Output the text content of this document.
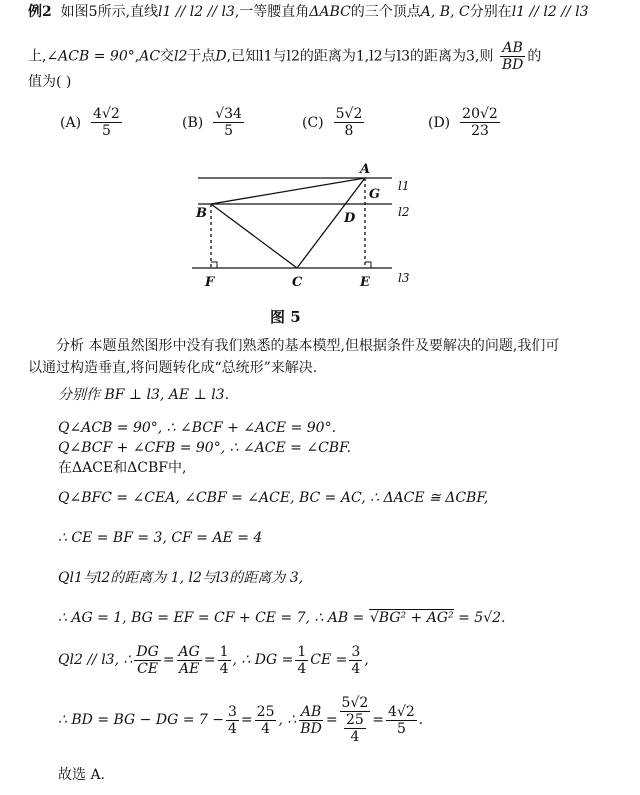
例2 如图5所示,直线l1 // l2 // l3,一等腰直角ΔABC的三个顶点A, B, C分别在l1 // l2 // l3
上,∠ACB = 90°,AC交l2于点D,已知l1与l2的距离为1,l2与l3的距离为3,则 $\frac{AB}{BD}$ 的
值为( )
$(A) \frac{4√2}{5}$	$(B) \frac{√34}{5}$	$(C) \frac{5√2}{8}$	$(D) \frac{20√2}{23}$
A
B
C
D
E
F
G
l1
l2
l3
图 5
分析 本题虽然图形中没有我们熟悉的基本模型,但根据条件及要解决的问题,我们可
以通过构造垂直,将问题转化成“总统形”来解决.
分别作 BF ⊥ l3, AE ⊥ l3.
Q∠ACB = 90°, ∴ ∠BCF + ∠ACE = 90°.
Q∠BCF + ∠CFB = 90°, ∴ ∠ACE = ∠CBF.
在ΔACE和ΔCBF中,
Q∠BFC = ∠CEA, ∠CBF = ∠ACE, BC = AC, ∴ ΔACE ≅ ΔCBF,
∴ CE = BF = 3, CF = AE = 4
Ql1与l2的距离为 1, l2与l3的距离为 3,
∴ AG = 1, BG = EF = CF + CE = 7, ∴ AB = √BG² + AG² = 5√2.
Ql2 // l3, ∴ $\frac{DG}{CE} = \frac{AG}{AE} = \frac{1}{4}$ , ∴ DG = $\frac{1}{4}$ CE = $\frac{3}{4}$ ,
∴ BD = BG − DG = $7 - \frac{3}{4} = \frac{25}{4}$ , ∴ $\frac{AB}{BD} = \frac{5√2}{\frac{25}{4}} = \frac{4√2}{5}$ .
故选 A.
